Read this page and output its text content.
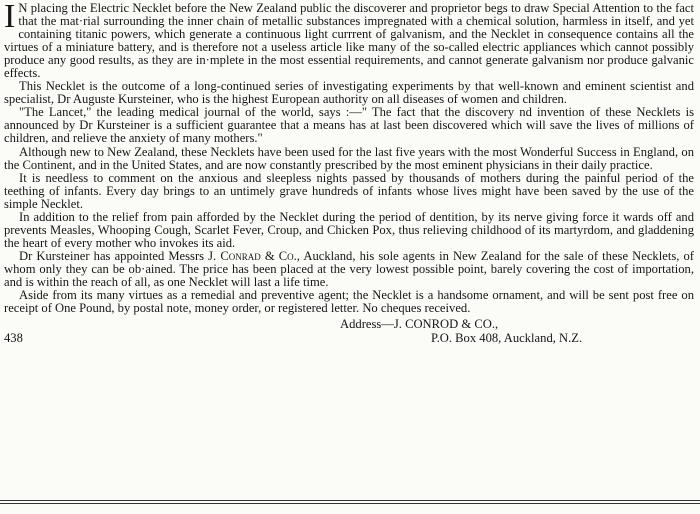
I N placing the Electric Necklet before the New Zealand public the discoverer and proprietor begs to draw Special Attention to the fact that the mat·rial surrounding the inner chain of metallic substances impregnated with a chemical solution, harmless in itself, and yet containing titanic powers, which generate a continuous light currrent of galvanism, and the Necklet in consequence contains all the virtues of a miniature battery, and is therefore not a useless article like many of the so-called electric appliances which cannot possibly produce any good results, as they are in·mplete in the most essential requirements, and cannot generate galvanism nor produce galvanic effects.

This Necklet is the outcome of a long-continued series of investigating experiments by that well-known and eminent scientist and specialist, Dr Auguste Kursteiner, who is the highest European authority on all diseases of women and children.

"The Lancet," the leading medical journal of the world, says :—" The fact that the discovery nd invention of these Necklets is announced by Dr Kursteiner is a sufficient guarantee that a means has at last been discovered which will save the lives of millions of children, and relieve the anxiety of many mothers."

Although new to New Zealand, these Necklets have been used for the last five years with the most Wonderful Success in England, on the Continent, and in the United States, and are now constantly prescribed by the most eminent physicians in their daily practice.

It is needless to comment on the anxious and sleepless nights passed by thousands of mothers during the painful period of the teething of infants. Every day brings to an untimely grave hundreds of infants whose lives might have been saved by the use of the simple Necklet.

In addition to the relief from pain afforded by the Necklet during the period of dentition, by its nerve giving force it wards off and prevents Measles, Whooping Cough, Scarlet Fever, Croup, and Chicken Pox, thus relieving childhood of its martyrdom, and gladdening the heart of every mother who invokes its aid.

Dr Kursteiner has appointed Messrs J. Conrad & Co., Auckland, his sole agents in New Zealand for the sale of these Necklets, of whom only they can be ob·ained. The price has been placed at the very lowest possible point, barely covering the cost of importation, and is within the reach of all, as one Necklet will last a life time.

Aside from its many virtues as a remedial and preventive agent; the Necklet is a handsome ornament, and will be sent post free on receipt of One Pound, by postal note, money order, or registered letter. No cheques received.

Address—J. CONROD & CO.,
438	P.O. Box 408, Auckland, N.Z.
